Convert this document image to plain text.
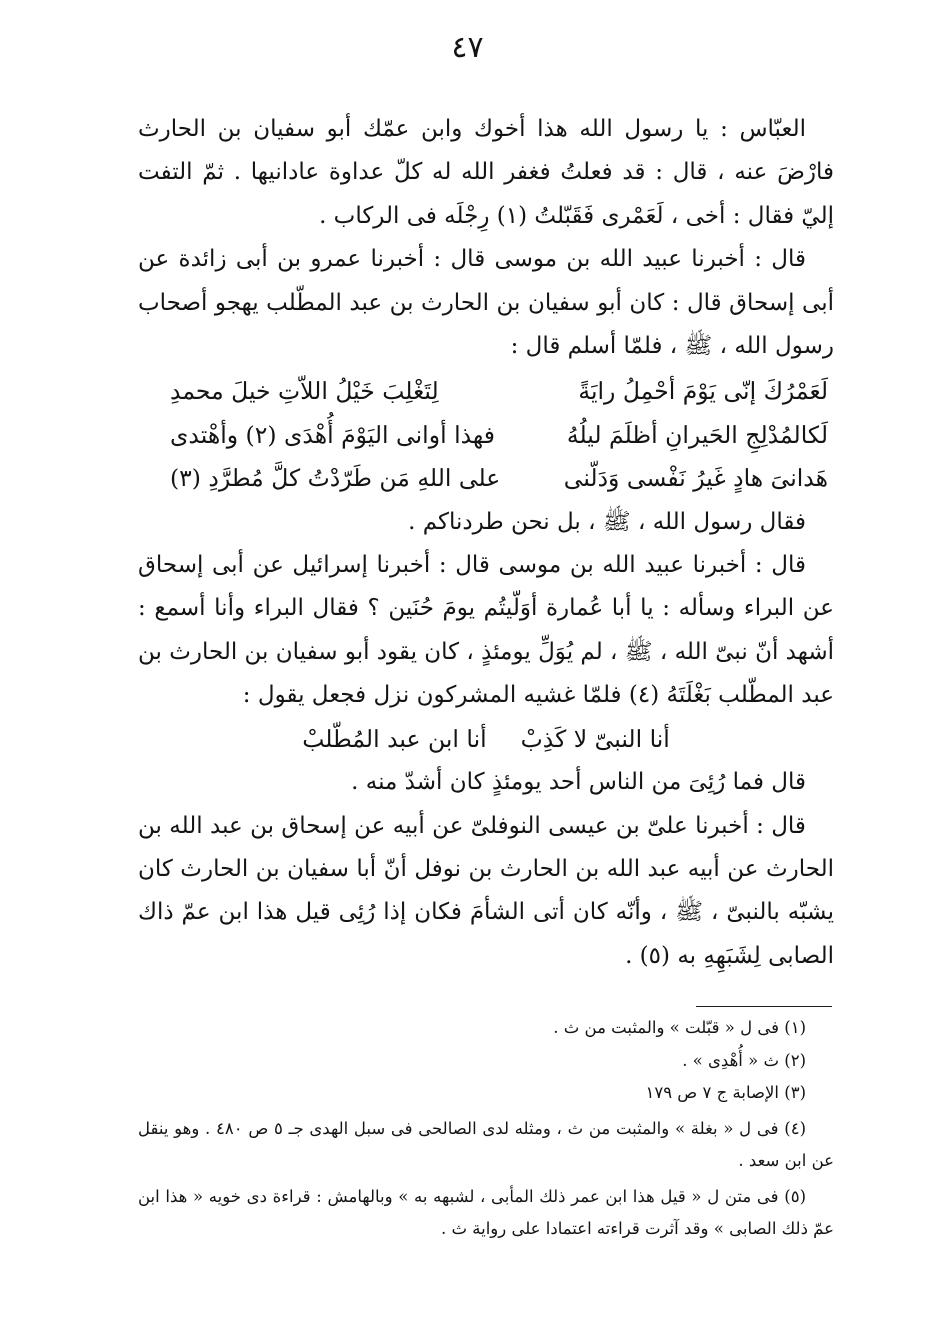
٤٧

العبّاس : يا رسول الله هذا أخوك وابن عمّك أبو سفيان بن الحارث فارْضَ عنه ، قال : قد فعلتُ فغفر الله له كلّ عداوة عادانيها . ثمّ التفت إليّ فقال : أخى ، لَعَمْرى فَقَبّلتُ (١) رِجْلَه فى الركاب .

قال : أخبرنا عبيد الله بن موسى قال : أخبرنا عمرو بن أبى زائدة عن أبى إسحاق قال : كان أبو سفيان بن الحارث بن عبد المطّلب يهجو أصحاب رسول الله ، ﷺ ، فلمّا أسلم قال :

لَعَمْرُكَ إنّى يَوْمَ أحْمِلُ رايَةً
لِتَغْلِبَ خَيْلُ اللاّتِ خيلَ محمدِ
لَكالمُدْلِجِ الحَيرانِ أظلَمَ ليلُهُ
فهذا أوانى اليَوْمَ أُهْدَى (٢) وأهْتدى
هَدانىَ هادٍ غَيرُ نَفْسى وَدَلّنى
على اللهِ مَن طَرّدْتُ كلَّ مُطرَّدِ (٣)

فقال رسول الله ، ﷺ ، بل نحن طردناكم .

قال : أخبرنا عبيد الله بن موسى قال : أخبرنا إسرائيل عن أبى إسحاق عن البراء وسأله : يا أبا عُمارة أوَلّيتُم يومَ حُنَين ؟ فقال البراء وأنا أسمع : أشهد أنّ نبىّ الله ، ﷺ ، لم يُوَلِّ يومئذٍ ، كان يقود أبو سفيان بن الحارث بن عبد المطّلب بَغْلَتَهُ (٤) فلمّا غشيه المشركون نزل فجعل يقول :

أنا النبىّ لا كَذِبْ
أنا ابن عبد المُطّلبْ

قال فما رُئِىَ من الناس أحد يومئذٍ كان أشدّ منه .

قال : أخبرنا علىّ بن عيسى النوفلىّ عن أبيه عن إسحاق بن عبد الله بن الحارث عن أبيه عبد الله بن الحارث بن نوفل أنّ أبا سفيان بن الحارث كان يشبّه بالنبىّ ، ﷺ ، وأنّه كان أتى الشأمَ فكان إذا رُئِى قيل هذا ابن عمّ ذاك الصابى لِشَبَهِهِ به (٥) .

(١) فى ل « قبّلت » والمثبت من ث .

(٢) ث « أُهْدِى » .

(٣) الإصابة ج ٧ ص ١٧٩

(٤) فى ل « بغلة » والمثبت من ث ، ومثله لدى الصالحى فى سبل الهدى جـ ٥ ص ٤٨٠ . وهو ينقل عن ابن سعد .

(٥) فى متن ل « قيل هذا ابن عمر ذلك المأبى ، لشبهه به » وبالهامش : قراءة دى خويه « هذا ابن عمّ ذلك الصابى » وقد آثرت قراءته اعتمادا على رواية ث .
